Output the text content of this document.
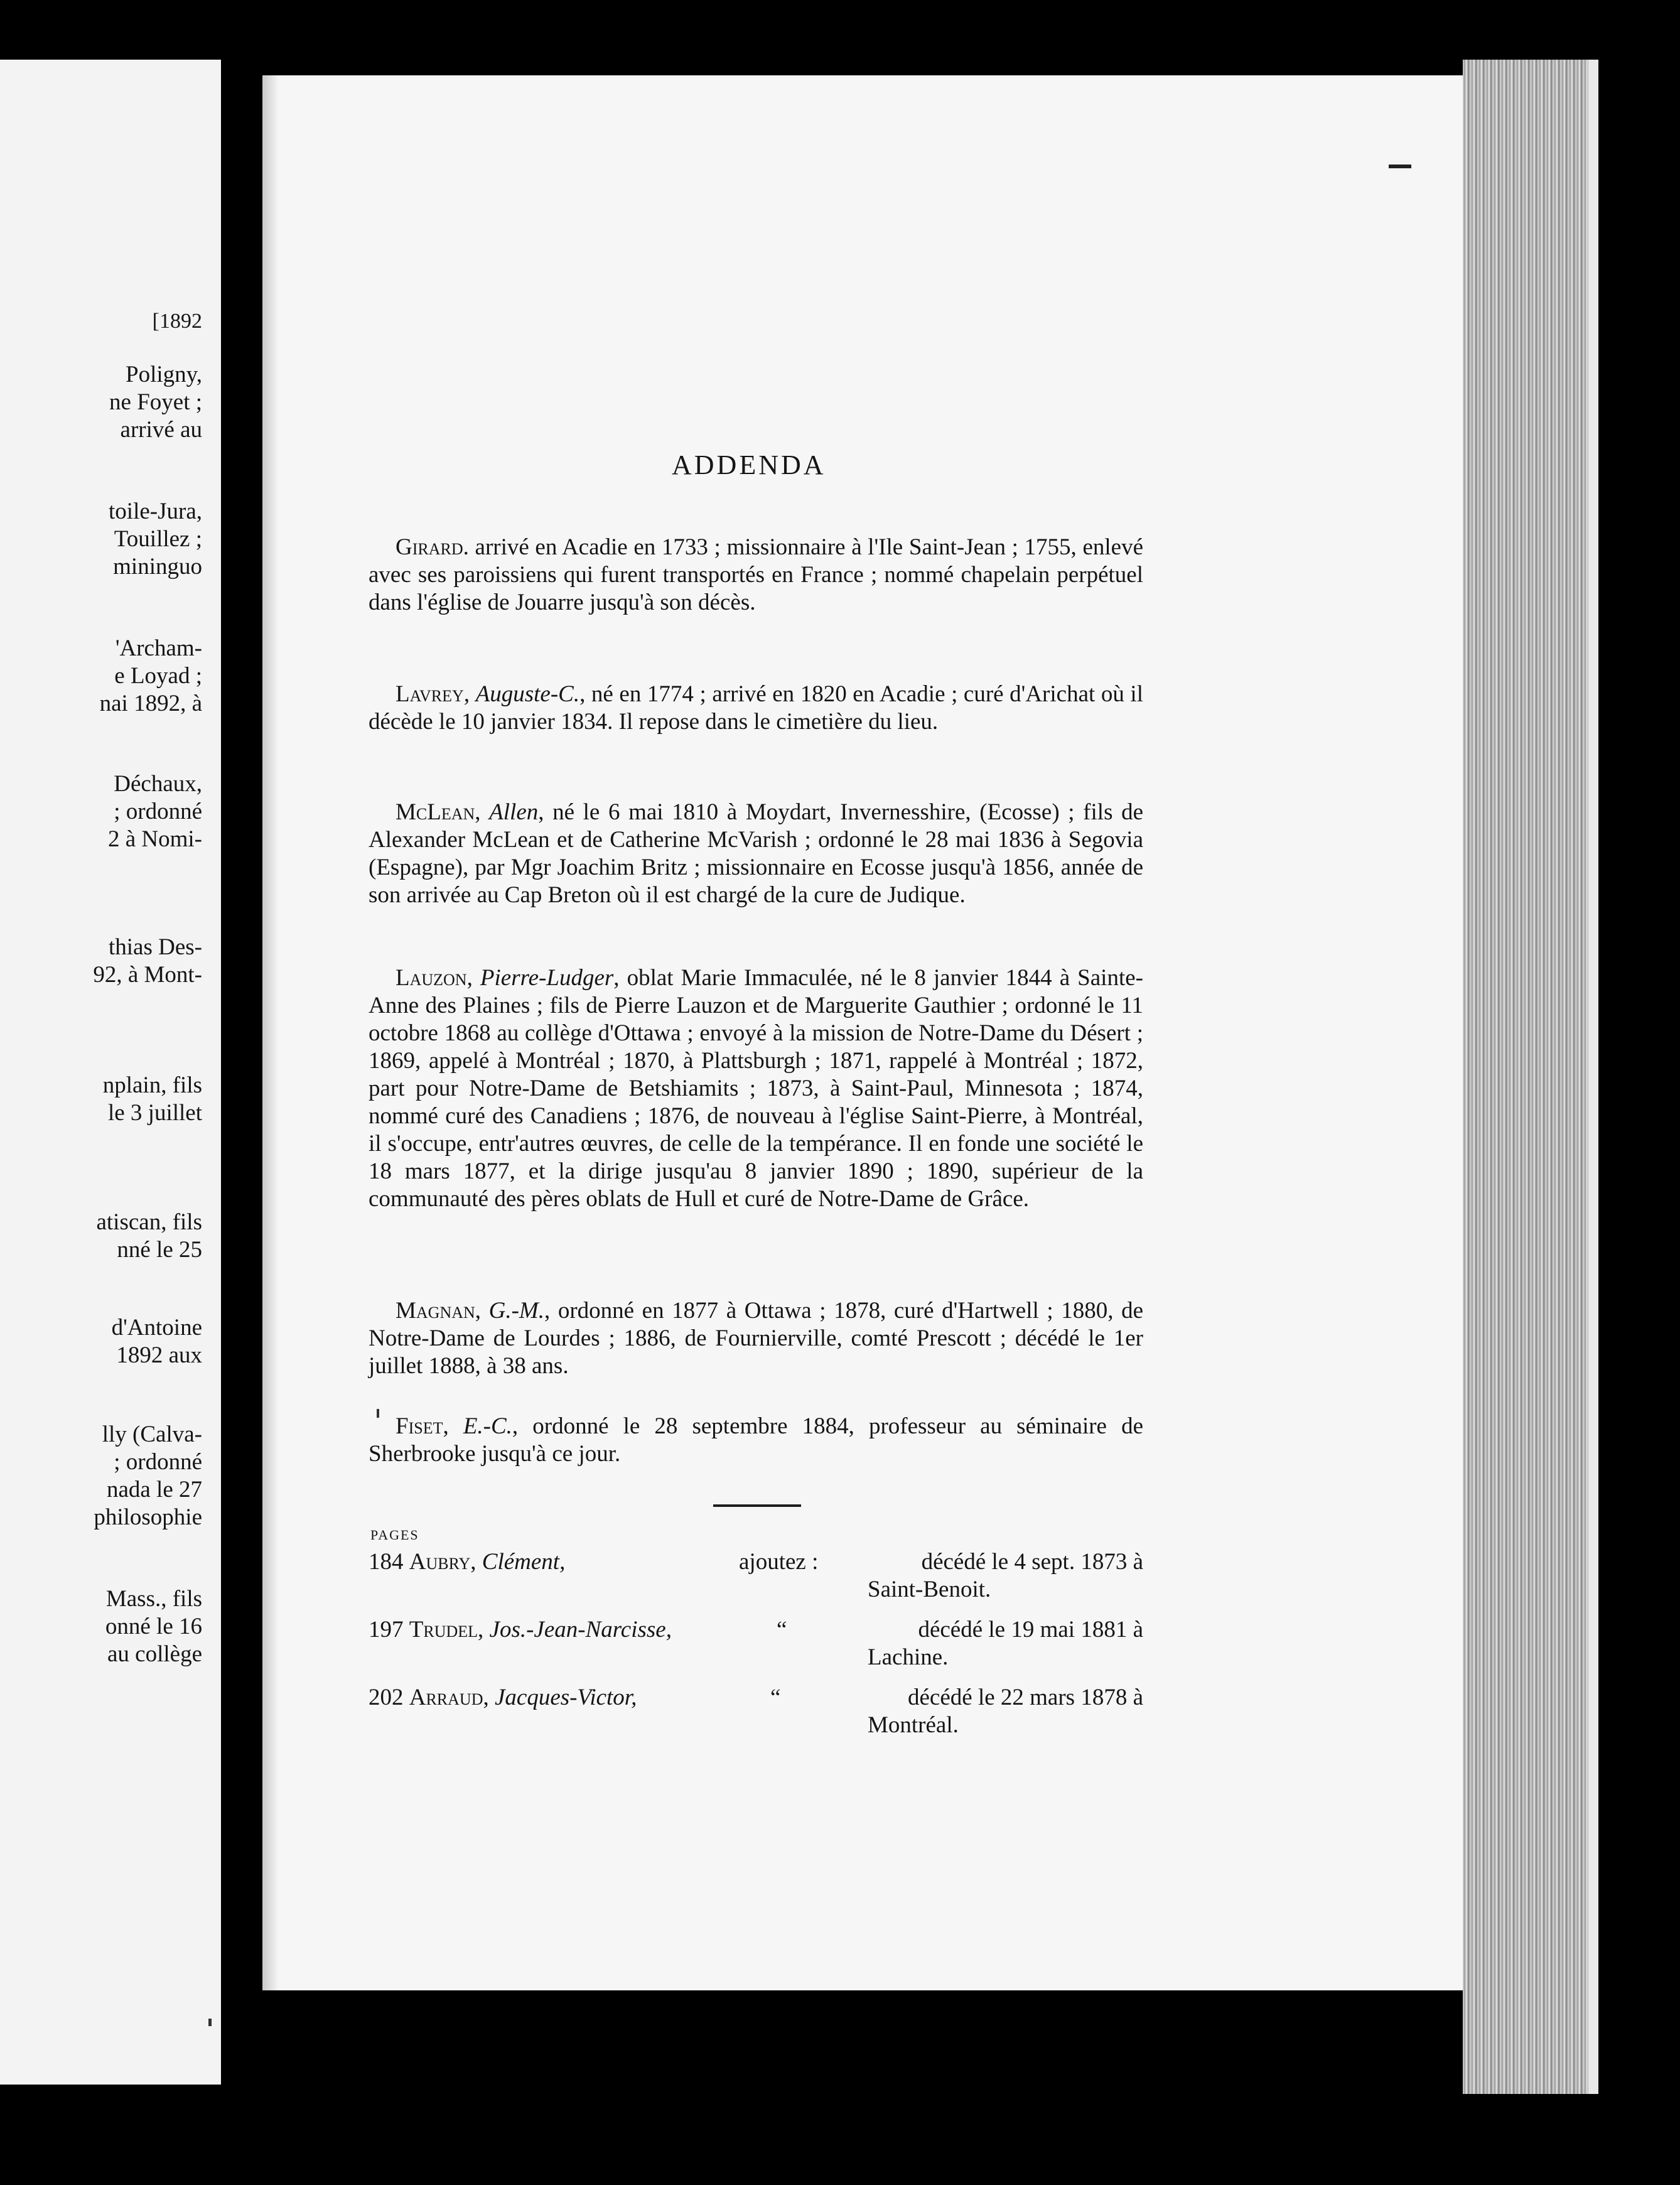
[1892
Poligny,
ne Foyet ;
arrivé au
toile-Jura,
Touillez ;
mininguo
'Archam-
e Loyad ;
nai 1892, à
Déchaux,
; ordonné
2 à Nomi-
thias Des-
92, à Mont-
nplain, fils
le 3 juillet
atiscan, fils
nné le 25
d'Antoine
1892 aux
lly (Calva-
; ordonné
nada le 27
philosophie
Mass., fils
onné le 16
au collège
ADDENDA

Girard. arrivé en Acadie en 1733 ; missionnaire à l'Ile Saint-Jean ; 1755, enlevé avec ses paroissiens qui furent transportés en France ; nommé chapelain perpétuel dans l'église de Jouarre jusqu'à son décès.

Lavrey, Auguste-C., né en 1774 ; arrivé en 1820 en Acadie ; curé d'Arichat où il décède le 10 janvier 1834. Il repose dans le cimetière du lieu.

McLean, Allen, né le 6 mai 1810 à Moydart, Invernesshire, (Ecosse) ; fils de Alexander McLean et de Catherine McVarish ; ordonné le 28 mai 1836 à Segovia (Espagne), par Mgr Joachim Britz ; missionnaire en Ecosse jusqu'à 1856, année de son arrivée au Cap Breton où il est chargé de la cure de Judique.

Lauzon, Pierre-Ludger, oblat Marie Immaculée, né le 8 janvier 1844 à Sainte-Anne des Plaines ; fils de Pierre Lauzon et de Marguerite Gauthier ; ordonné le 11 octobre 1868 au collège d'Ottawa ; envoyé à la mission de Notre-Dame du Désert ; 1869, appelé à Montréal ; 1870, à Plattsburgh ; 1871, rappelé à Montréal ; 1872, part pour Notre-Dame de Betshiamits ; 1873, à Saint-Paul, Minnesota ; 1874, nommé curé des Canadiens ; 1876, de nouveau à l'église Saint-Pierre, à Montréal, il s'occupe, entr'autres œuvres, de celle de la tempérance. Il en fonde une société le 18 mars 1877, et la dirige jusqu'au 8 janvier 1890 ; 1890, supérieur de la communauté des pères oblats de Hull et curé de Notre-Dame de Grâce.

Magnan, G.-M., ordonné en 1877 à Ottawa ; 1878, curé d'Hartwell ; 1880, de Notre-Dame de Lourdes ; 1886, de Fournierville, comté Prescott ; décédé le 1er juillet 1888, à 38 ans.

Fiset, E.-C., ordonné le 28 septembre 1884, professeur au séminaire de Sherbrooke jusqu'à ce jour.

PAGES
184 Aubry, Clément,	ajoutez :	décédé le 4 sept. 1873 à
Saint-Benoit.
197 Trudel, Jos.-Jean-Narcisse,	“	décédé le 19 mai 1881 à
Lachine.
202 Arraud, Jacques-Victor,	“	décédé le 22 mars 1878 à
Montréal.
